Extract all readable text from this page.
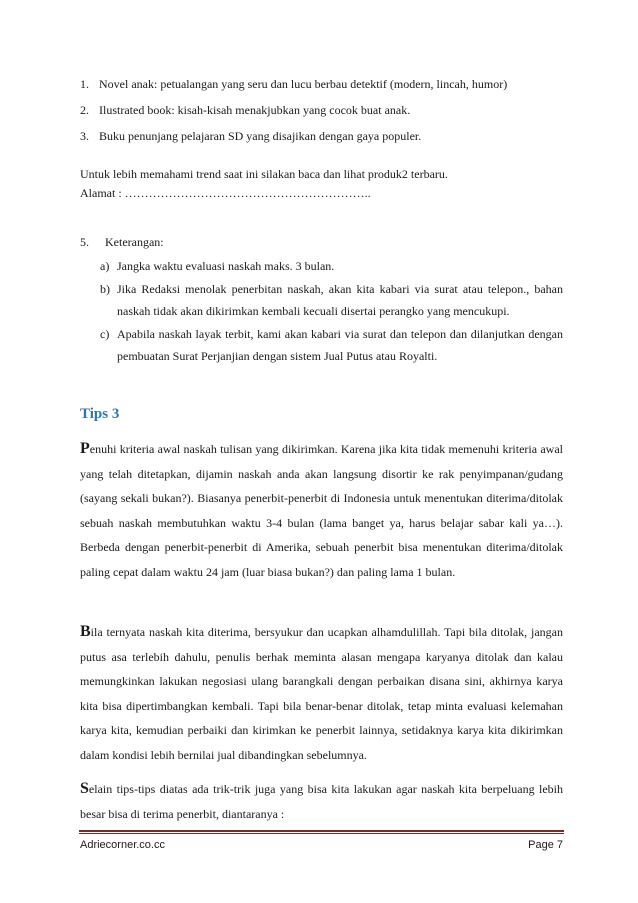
1. Novel anak: petualangan yang seru dan lucu berbau detektif (modern, lincah, humor)
2. Ilustrated book: kisah-kisah menakjubkan yang cocok buat anak.
3. Buku penunjang pelajaran SD yang disajikan dengan gaya populer.
Untuk lebih memahami trend saat ini silakan baca dan lihat produk2 terbaru.
Alamat : ……………………………………………………..
5. Keterangan:
a) Jangka waktu evaluasi naskah maks. 3 bulan.
b) Jika Redaksi menolak penerbitan naskah, akan kita kabari via surat atau telepon., bahan naskah tidak akan dikirimkan kembali kecuali disertai perangko yang mencukupi.
c) Apabila naskah layak terbit, kami akan kabari via surat dan telepon dan dilanjutkan dengan pembuatan Surat Perjanjian dengan sistem Jual Putus atau Royalti.
Tips 3

Penuhi kriteria awal naskah tulisan yang dikirimkan. Karena jika kita tidak memenuhi kriteria awal yang telah ditetapkan, dijamin naskah anda akan langsung disortir ke rak penyimpanan/gudang (sayang sekali bukan?). Biasanya penerbit-penerbit di Indonesia untuk menentukan diterima/ditolak sebuah naskah membutuhkan waktu 3-4 bulan (lama banget ya, harus belajar sabar kali ya…). Berbeda dengan penerbit-penerbit di Amerika, sebuah penerbit bisa menentukan diterima/ditolak paling cepat dalam waktu 24 jam (luar biasa bukan?) dan paling lama 1 bulan.

Bila ternyata naskah kita diterima, bersyukur dan ucapkan alhamdulillah. Tapi bila ditolak, jangan putus asa terlebih dahulu, penulis berhak meminta alasan mengapa karyanya ditolak dan kalau memungkinkan lakukan negosiasi ulang barangkali dengan perbaikan disana sini, akhirnya karya kita bisa dipertimbangkan kembali. Tapi bila benar-benar ditolak, tetap minta evaluasi kelemahan karya kita, kemudian perbaiki dan kirimkan ke penerbit lainnya, setidaknya karya kita dikirimkan dalam kondisi lebih bernilai jual dibandingkan sebelumnya.

Selain tips-tips diatas ada trik-trik juga yang bisa kita lakukan agar naskah kita berpeluang lebih besar bisa di terima penerbit, diantaranya :

Adriecorner.co.cc	Page 7
